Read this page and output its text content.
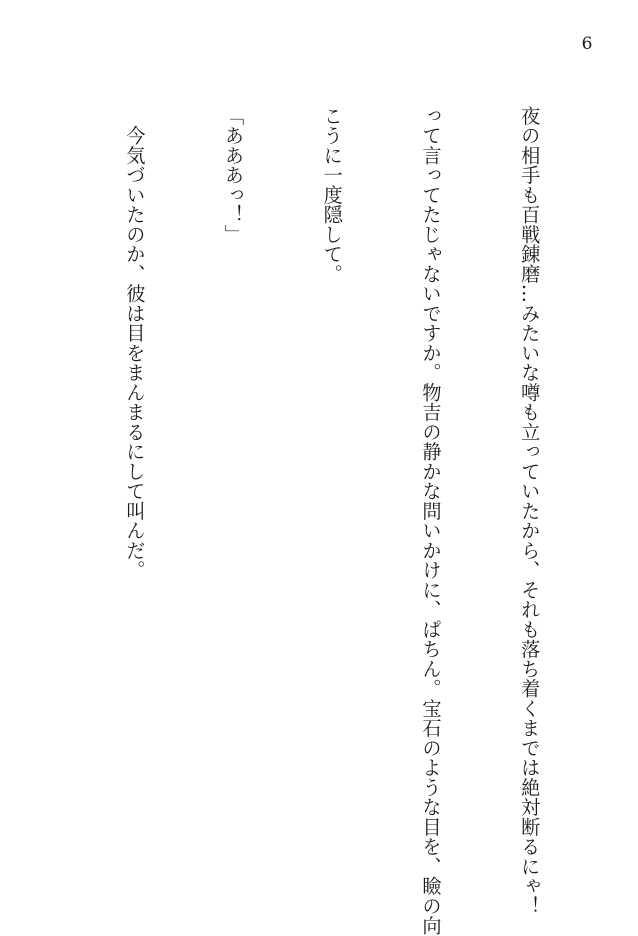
6

夜の相手も百戦錬磨…みたいな噂も立っていたから、それも落ち着くまでは絶対断るにゃ！

って言ってたじゃないですか。物吉の静かな問いかけに、ぱちん。宝石のような目を、瞼の向

こうに一度隠して。

「あああっ！」

　今気づいたのか、彼は目をまんまるにして叫んだ。
